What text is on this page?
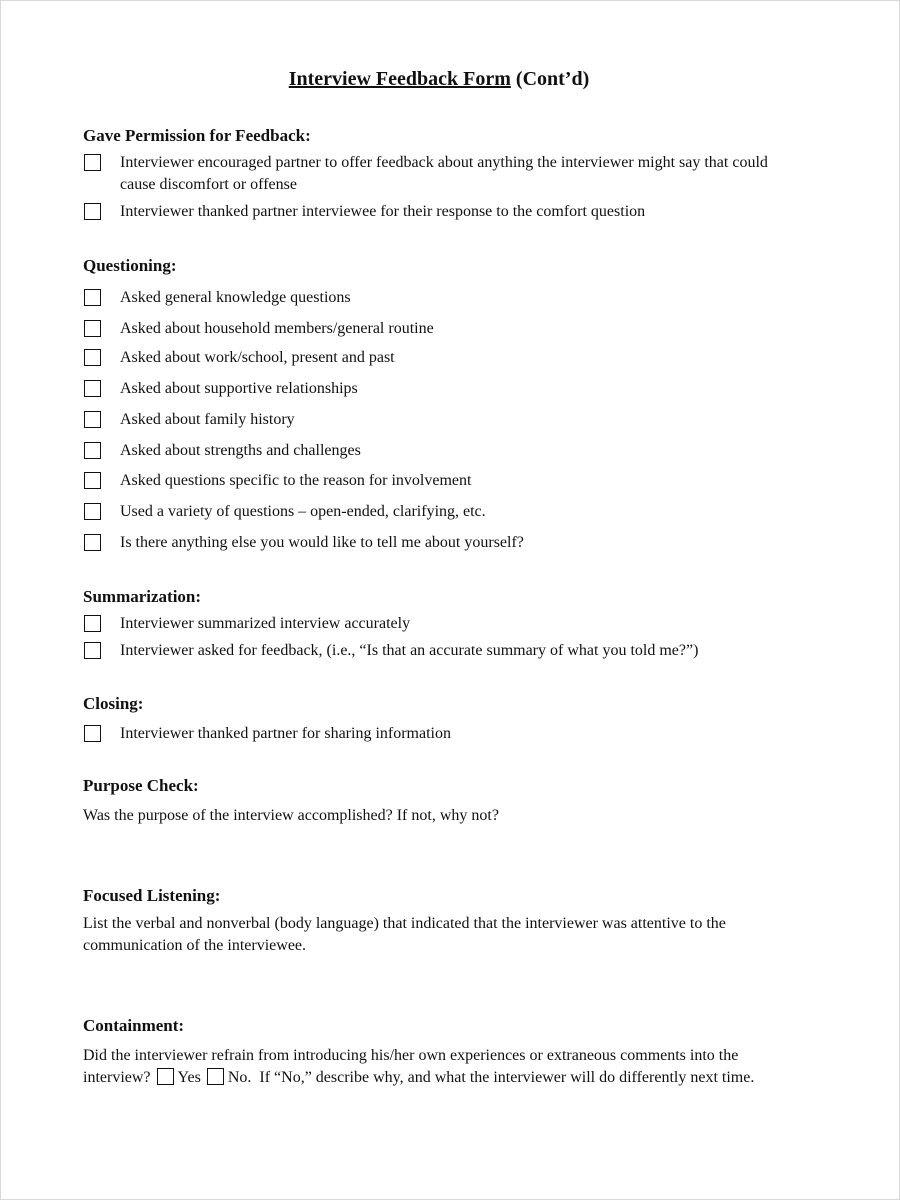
Interview Feedback Form (Cont’d)
Gave Permission for Feedback:
Interviewer encouraged partner to offer feedback about anything the interviewer might say that could cause discomfort or offense
Interviewer thanked partner interviewee for their response to the comfort question
Questioning:
Asked general knowledge questions
Asked about household members/general routine
Asked about work/school, present and past
Asked about supportive relationships
Asked about family history
Asked about strengths and challenges
Asked questions specific to the reason for involvement
Used a variety of questions – open-ended, clarifying, etc.
Is there anything else you would like to tell me about yourself?
Summarization:
Interviewer summarized interview accurately
Interviewer asked for feedback, (i.e., “Is that an accurate summary of what you told me?”)
Closing:
Interviewer thanked partner for sharing information
Purpose Check:
Was the purpose of the interview accomplished? If not, why not?
Focused Listening:
List the verbal and nonverbal (body language) that indicated that the interviewer was attentive to the communication of the interviewee.
Containment:
Did the interviewer refrain from introducing his/her own experiences or extraneous comments into the interview? Yes No. If “No,” describe why, and what the interviewer will do differently next time.
